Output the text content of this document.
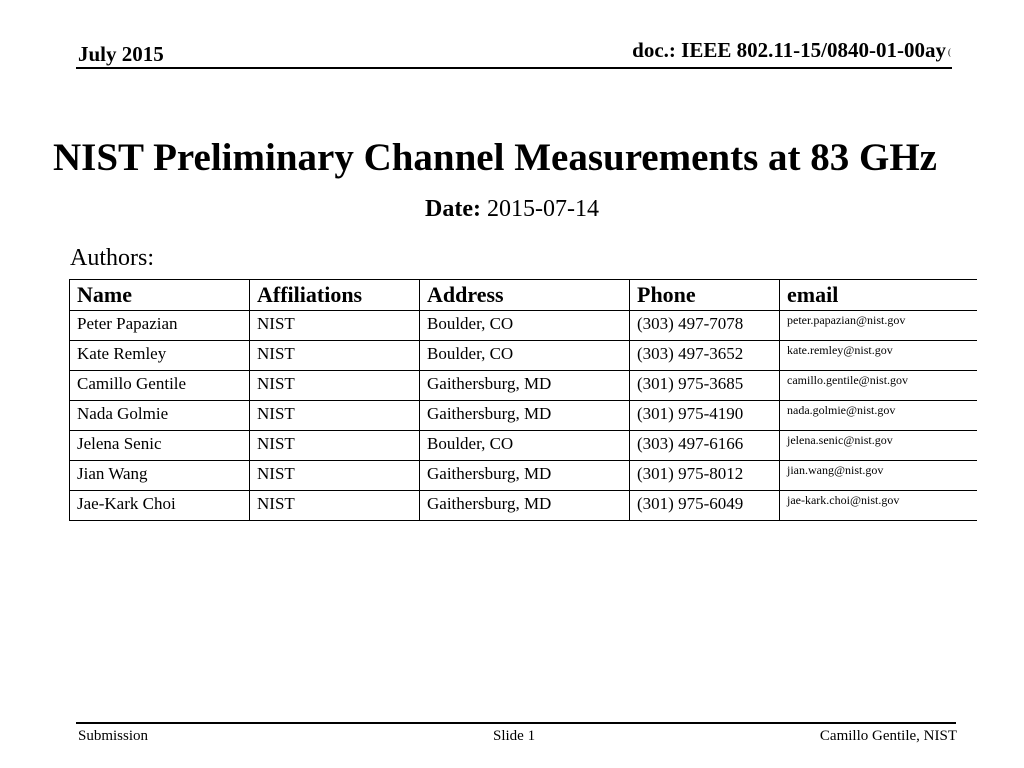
July 2015	doc.: IEEE 802.11-15/0840-01-00ay (
NIST Preliminary Channel Measurements at 83 GHz
Date: 2015-07-14
Authors:
Name	Affiliations	Address	Phone	email
Peter Papazian	NIST	Boulder, CO	(303) 497-7078	peter.papazian@nist.gov
Kate Remley	NIST	Boulder, CO	(303) 497-3652	kate.remley@nist.gov
Camillo Gentile	NIST	Gaithersburg, MD	(301) 975-3685	camillo.gentile@nist.gov
Nada Golmie	NIST	Gaithersburg, MD	(301) 975-4190	nada.golmie@nist.gov
Jelena Senic	NIST	Boulder, CO	(303) 497-6166	jelena.senic@nist.gov
Jian Wang	NIST	Gaithersburg, MD	(301) 975-8012	jian.wang@nist.gov
Jae-Kark Choi	NIST	Gaithersburg, MD	(301) 975-6049	jae-kark.choi@nist.gov
Submission	Slide 1	Camillo Gentile, NIST
